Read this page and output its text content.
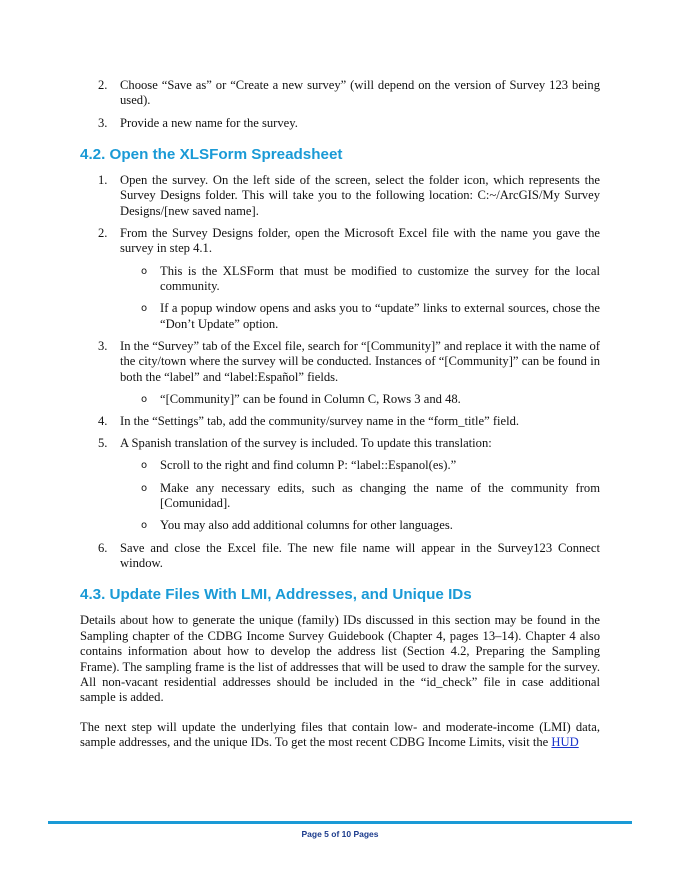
2. Choose “Save as” or “Create a new survey” (will depend on the version of Survey 123 being used).
3. Provide a new name for the survey.
4.2. Open the XLSForm Spreadsheet
1. Open the survey. On the left side of the screen, select the folder icon, which represents the Survey Designs folder. This will take you to the following location: C:~/ArcGIS/My Survey Designs/[new saved name].
2. From the Survey Designs folder, open the Microsoft Excel file with the name you gave the survey in step 4.1.
o This is the XLSForm that must be modified to customize the survey for the local community.
o If a popup window opens and asks you to “update” links to external sources, chose the “Don’t Update” option.
3. In the “Survey” tab of the Excel file, search for “[Community]” and replace it with the name of the city/town where the survey will be conducted. Instances of “[Community]” can be found in both the “label” and “label:Español” fields.
o “[Community]” can be found in Column C, Rows 3 and 48.
4. In the “Settings” tab, add the community/survey name in the “form_title” field.
5. A Spanish translation of the survey is included. To update this translation:
o Scroll to the right and find column P: “label::Espanol(es).”
o Make any necessary edits, such as changing the name of the community from [Comunidad].
o You may also add additional columns for other languages.
6. Save and close the Excel file. The new file name will appear in the Survey123 Connect window.
4.3. Update Files With LMI, Addresses, and Unique IDs

Details about how to generate the unique (family) IDs discussed in this section may be found in the Sampling chapter of the CDBG Income Survey Guidebook (Chapter 4, pages 13–14). Chapter 4 also contains information about how to develop the address list (Section 4.2, Preparing the Sampling Frame). The sampling frame is the list of addresses that will be used to draw the sample for the survey. All non-vacant residential addresses should be included in the “id_check” file in case additional sample is added.

The next step will update the underlying files that contain low- and moderate-income (LMI) data, sample addresses, and the unique IDs. To get the most recent CDBG Income Limits, visit the HUD

Page 5 of 10 Pages
